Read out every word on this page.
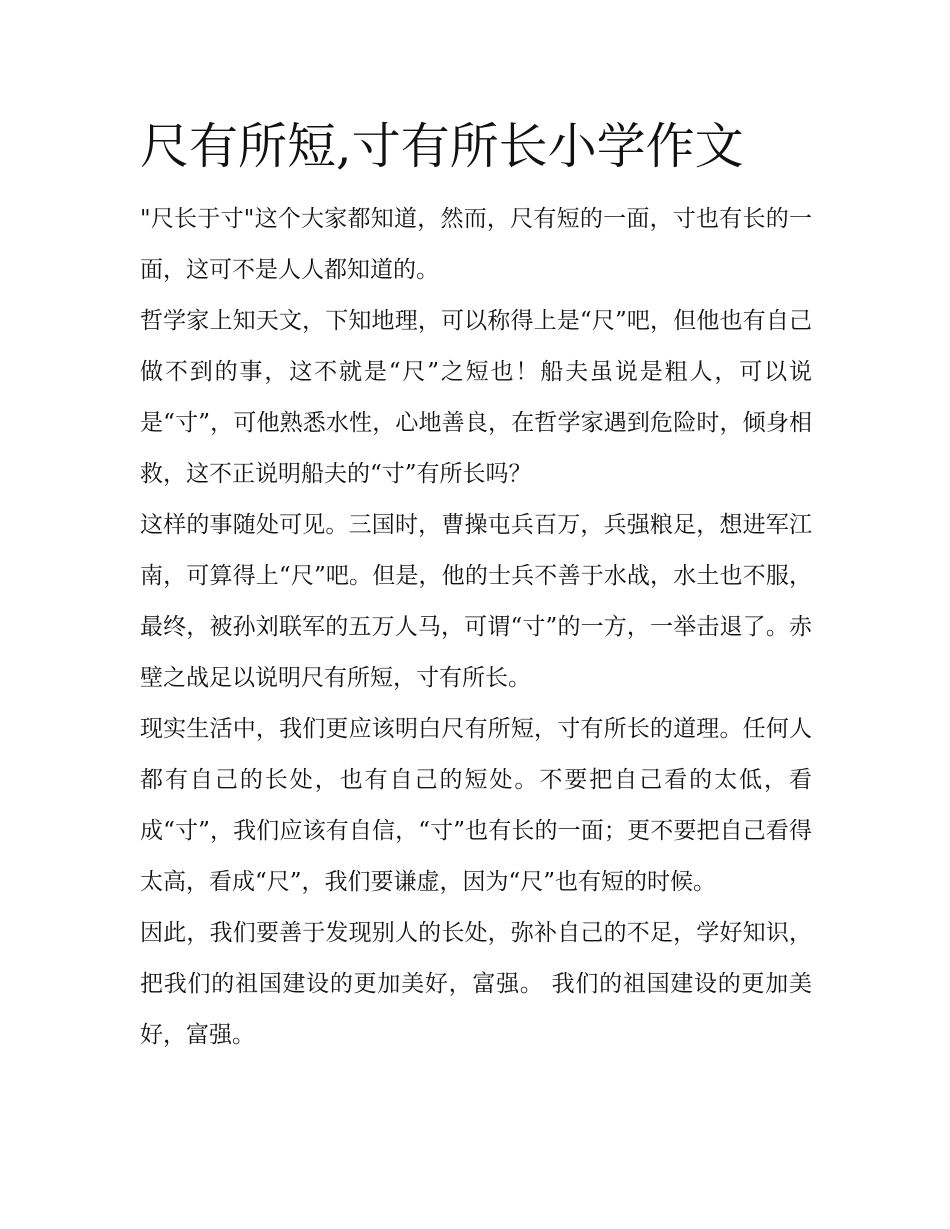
尺有所短,寸有所长小学作文

"尺长于寸"这个大家都知道，然而，尺有短的一面，寸也有长的一面，这可不是人人都知道的。

哲学家上知天文，下知地理，可以称得上是“尺”吧，但他也有自己做不到的事，这不就是“尺”之短也！船夫虽说是粗人，可以说是“寸”，可他熟悉水性，心地善良，在哲学家遇到危险时，倾身相救，这不正说明船夫的“寸”有所长吗？

这样的事随处可见。三国时，曹操屯兵百万，兵强粮足，想进军江南，可算得上“尺”吧。但是，他的士兵不善于水战，水土也不服，最终，被孙刘联军的五万人马，可谓“寸”的一方，一举击退了。赤壁之战足以说明尺有所短，寸有所长。

现实生活中，我们更应该明白尺有所短，寸有所长的道理。任何人都有自己的长处，也有自己的短处。不要把自己看的太低，看成“寸”，我们应该有自信，“寸”也有长的一面；更不要把自己看得太高，看成“尺”，我们要谦虚，因为“尺”也有短的时候。

因此，我们要善于发现别人的长处，弥补自己的不足，学好知识，把我们的祖国建设的更加美好，富强。 我们的祖国建设的更加美好，富强。
